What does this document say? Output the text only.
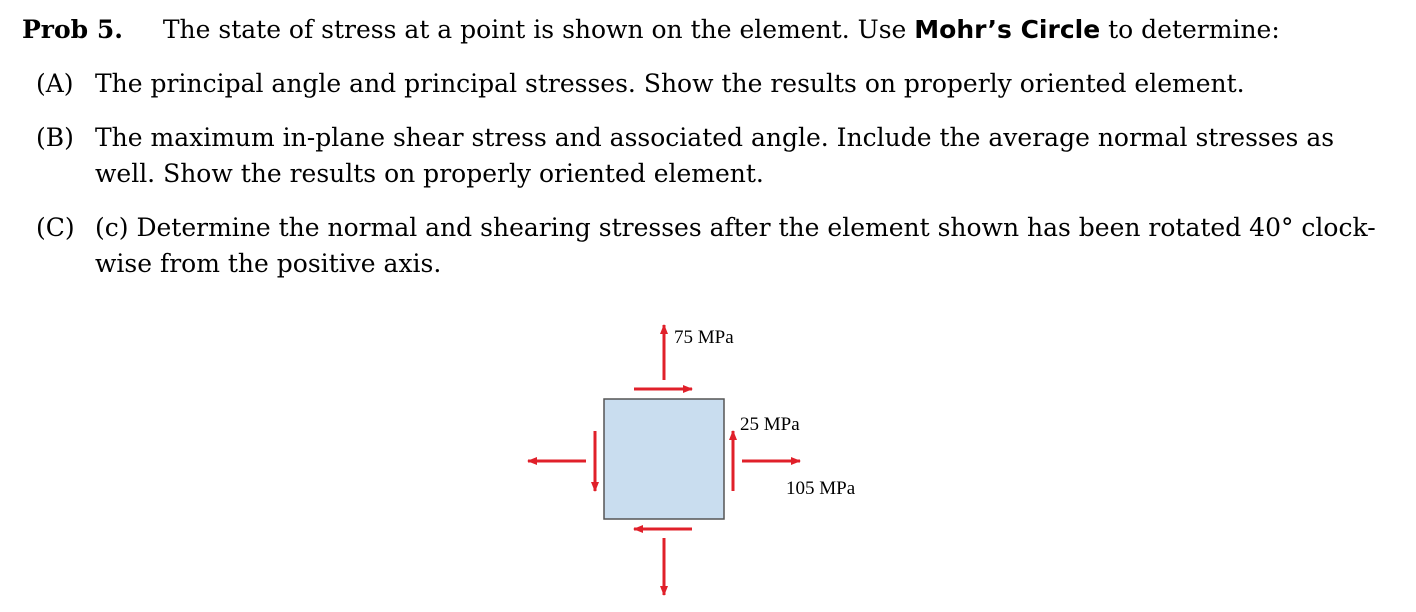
Prob 5. The state of stress at a point is shown on the element. Use Mohr’s Circle to determine:
(A) The principal angle and principal stresses. Show the results on properly oriented element.
(B) The maximum in-plane shear stress and associated angle. Include the average normal stresses as
well. Show the results on properly oriented element.
(C) (c) Determine the normal and shearing stresses after the element shown has been rotated 40° clock-
wise from the positive axis.
75 MPa
25 MPa
105 MPa
